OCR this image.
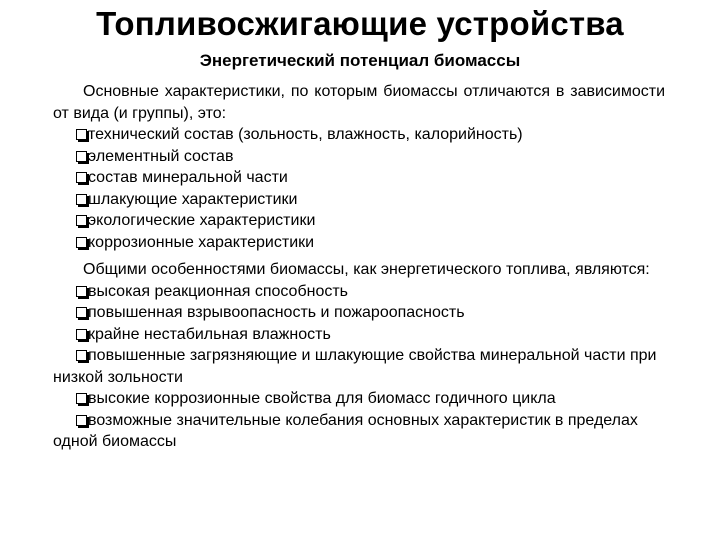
Топливосжигающие устройства
Энергетический потенциал биомассы

Основные характеристики, по которым биомассы отличаются в зависимости от вида (и группы), это:

технический состав (зольность, влажность, калорийность)
элементный состав
состав минеральной части
шлакующие характеристики
экологические характеристики
коррозионные характеристики

Общими особенностями биомассы, как энергетического топлива, являются:

высокая реакционная способность
повышенная взрывоопасность и пожароопасность
крайне нестабильная влажность
повышенные загрязняющие и шлакующие свойства минеральной части при низкой зольности
высокие коррозионные свойства для биомасс годичного цикла
возможные значительные колебания основных характеристик в пределах одной биомассы
